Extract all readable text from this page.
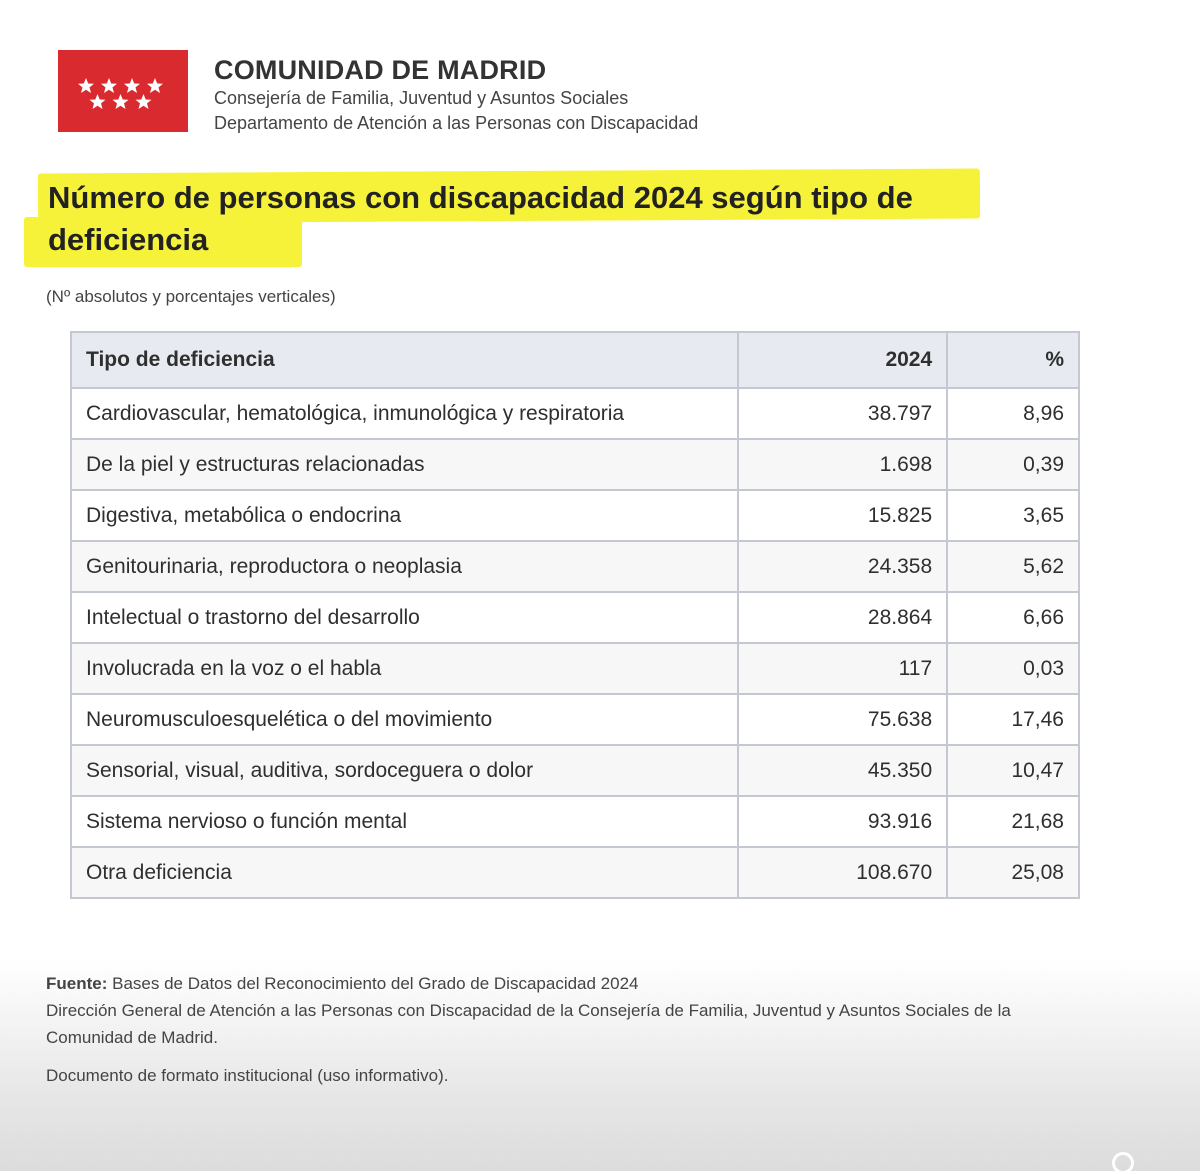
COMUNIDAD DE MADRID
Consejería de Familia, Juventud y Asuntos Sociales
Departamento de Atención a las Personas con Discapacidad
Número de personas con discapacidad 2024 según tipo de deficiencia
(Nº absolutos y porcentajes verticales)
Tipo de deficiencia	2024	%
Cardiovascular, hematológica, inmunológica y respiratoria	38.797	8,96
De la piel y estructuras relacionadas	1.698	0,39
Digestiva, metabólica o endocrina	15.825	3,65
Genitourinaria, reproductora o neoplasia	24.358	5,62
Intelectual o trastorno del desarrollo	28.864	6,66
Involucrada en la voz o el habla	117	0,03
Neuromusculoesquelética o del movimiento	75.638	17,46
Sensorial, visual, auditiva, sordoceguera o dolor	45.350	10,47
Sistema nervioso o función mental	93.916	21,68
Otra deficiencia	108.670	25,08
Fuente: Bases de Datos del Reconocimiento del Grado de Discapacidad 2024
Dirección General de Atención a las Personas con Discapacidad de la Consejería de Familia, Juventud y Asuntos Sociales de la Comunidad de Madrid.
Documento de formato institucional (uso informativo).
